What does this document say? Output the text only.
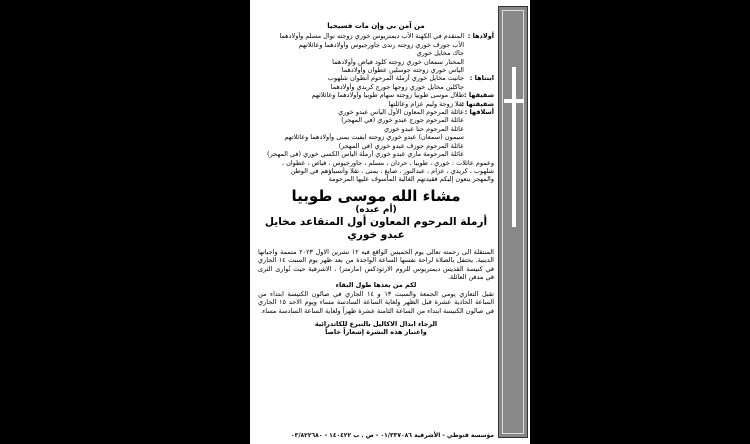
من آمن بي وإن مات فسيحيا
أولادها :
المتقدم في الكهنة الأب ديمتريوس خوري زوجته نوال مسلم وأولادهما
الأب جوزف خوري زوجته رندى جاورجيوس وأولادهما وعائلاتهم
جاك مخايل خوري
المختار سمعان خوري زوجته كلود فياض وأولادهما
الياس خوري زوجته جوسلين عطوان وأولادهما
ابنتاها :
جانيت مخايل خوري أرملة المرحوم أنطوان شلهوب
جاكلين مخايل خوري زوجها جورج كريدي وأولادهما
شقيقها :
طلال موسى طوبيا زوجته سهام طوبيا وأولادهما وعائلاتهم
شقيقتها :
تقلا زوجة وليم عزام وعائلتها
أسلافها :
عائلة المرحوم المعاون الأول الياس عبدو خوري
عائلة المرحوم جورج عبدو خوري (في المهجر)
عائلة المرحوم حنا عبدو خوري
سيمون (سمعان) عبدو خوري زوجته ايفيت يمنى وأولادهما وعائلاتهم
عائلة المرحوم جوزف عبدو خوري (في المهجر)
عائلة المرحومة ماري عبدو خوري أرملة الياس الكسي خوري (في المهجر)
وعموم عائلات : خوري ، طوبيا ، حردان ، مسلم ، جاورجيوس ، فياض ، عطوان ،
شلهوب ، كريدي ، عزام ، عبدالنور ، صايغ ، يمنى ، تقلا وأنسباؤهم في الوطن
والمهجر ينعون إليكم فقيدتهم الغالية المأسوف عليها المرحومة
مشاء الله موسى طوبيا
(أم عبده)
أرملة المرحوم المعاون أول المتقاعد مخايل عبدو خوري
المنتقلة الى رحمته تعالى يوم الخميس الواقع فيه ١٢ تشرين الاول ٢٠٢٣ متممة واجباتها الدينية. يحتفل بالصلاة لراحة نفسها الساعة الواحدة من بعد ظهر يوم السبت ١٤ الجاري في كنيسة القديس ديمتريوس للروم الارثوذكس (مارمتر) ، الاشرفية حيث تُوارى الثرى في مدفن العائلة.
لكم من بعدها طول البقاء
تقبل التعازي يومي الجمعة والسبت ١٣ و ١٤ الجاري في صالون الكنيسة ابتداء من الساعة الحادية عشرة قبل الظهر ولغاية الساعة السادسة مساء ويوم الاحد ١٥ الجاري في صالون الكنيسة ابتداء من الساعة الثامنة عشرة ظهراً ولغاية الساعة السادسة مساء.
الرجاء ابدال الاكاليل بالتبرع للكاتدرائية
واعتبار هذه النشرة إشعاراً خاصاً
مؤسسة قنوطي - الأشرفية ٠١/٣٣٧٠٨٦ - ص . ب ١٤٠٤٢٢ - ٠٣/٨٢٢٦٨٠
